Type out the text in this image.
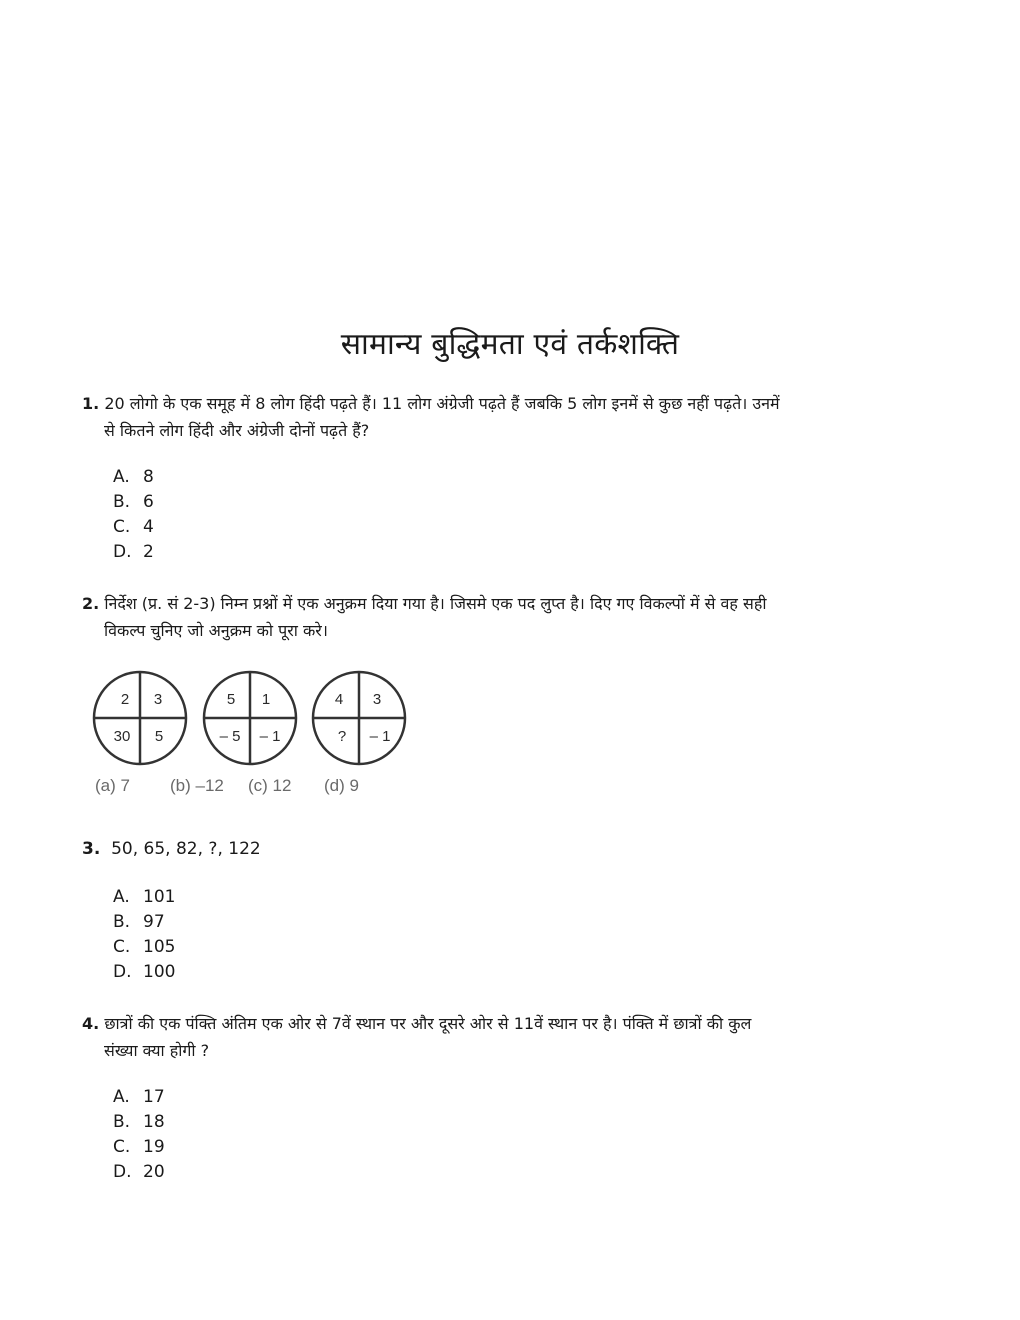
सामान्य बुद्धिमता एवं तर्कशक्ति
1. 20 लोगो के एक समूह में 8 लोग हिंदी पढ़ते हैं। 11 लोग अंग्रेजी पढ़ते हैं जबकि 5 लोग इनमें से कुछ नहीं पढ़ते। उनमें
से कितने लोग हिंदी और अंग्रेजी दोनों पढ़ते हैं?
A. 8
B. 6
C. 4
D. 2
2. निर्देश (प्र. सं 2-3) निम्न प्रश्नों में एक अनुक्रम दिया गया है। जिसमे एक पद लुप्त है। दिए गए विकल्पों में से वह सही
विकल्प चुनिए जो अनुक्रम को पूरा करे।
2 3
30 5
5 1
– 5 – 1
4 3
? – 1
(a) 7 (b) –12 (c) 12 (d) 9
3. 50, 65, 82, ?, 122
A. 101
B. 97
C. 105
D. 100
4. छात्रों की एक पंक्ति अंतिम एक ओर से 7वें स्थान पर और दूसरे ओर से 11वें स्थान पर है। पंक्ति में छात्रों की कुल
संख्या क्या होगी ?
A. 17
B. 18
C. 19
D. 20
